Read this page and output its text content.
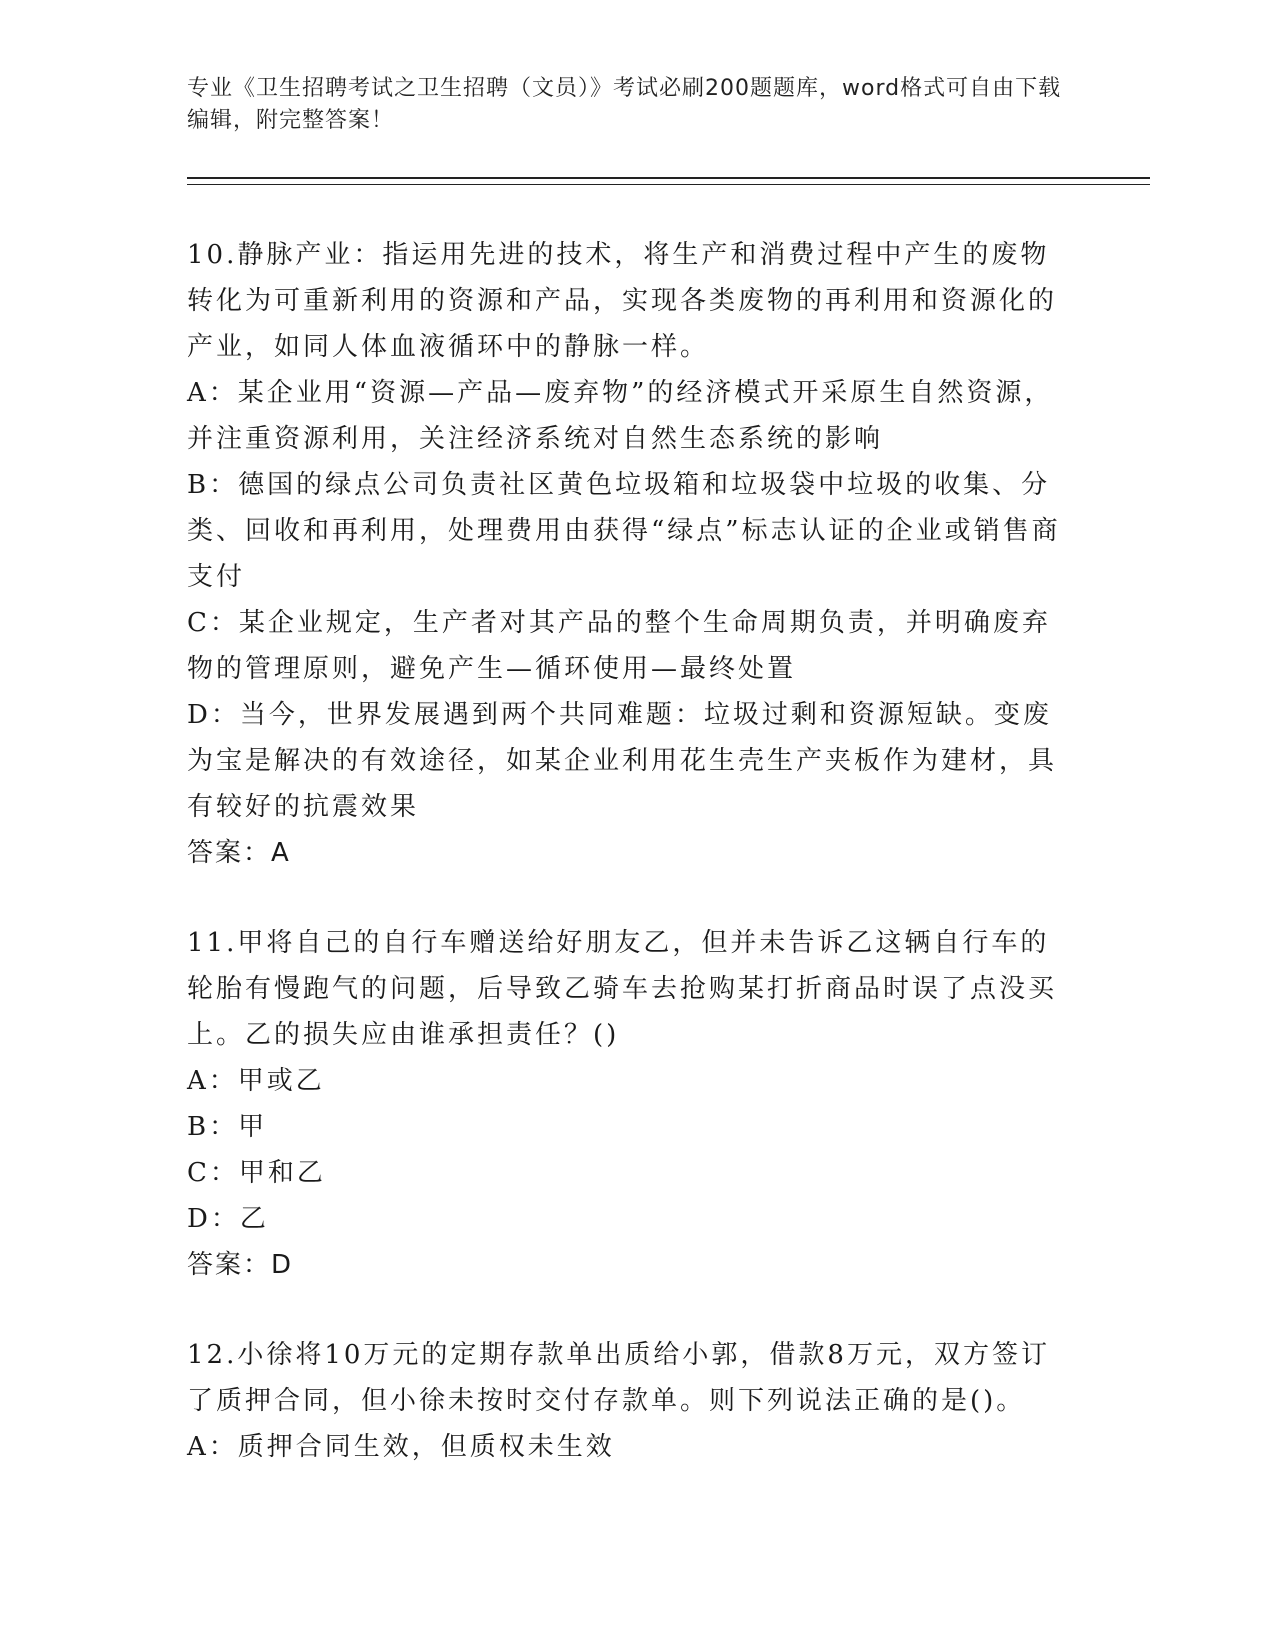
专业《卫生招聘考试之卫生招聘（文员）》考试必刷200题题库，word格式可自由下载编辑，附完整答案！

10.静脉产业：指运用先进的技术，将生产和消费过程中产生的废物转化为可重新利用的资源和产品，实现各类废物的再利用和资源化的产业，如同人体血液循环中的静脉一样。

A：某企业用“资源—产品—废弃物”的经济模式开采原生自然资源，并注重资源利用，关注经济系统对自然生态系统的影响

B：德国的绿点公司负责社区黄色垃圾箱和垃圾袋中垃圾的收集、分类、回收和再利用，处理费用由获得“绿点”标志认证的企业或销售商支付

C：某企业规定，生产者对其产品的整个生命周期负责，并明确废弃物的管理原则，避免产生—循环使用—最终处置

D：当今，世界发展遇到两个共同难题：垃圾过剩和资源短缺。变废为宝是解决的有效途径，如某企业利用花生壳生产夹板作为建材，具有较好的抗震效果

答案：A

11.甲将自己的自行车赠送给好朋友乙，但并未告诉乙这辆自行车的轮胎有慢跑气的问题，后导致乙骑车去抢购某打折商品时误了点没买上。乙的损失应由谁承担责任？()

A：甲或乙

B：甲

C：甲和乙

D：乙

答案：D

12.小徐将10万元的定期存款单出质给小郭，借款8万元，双方签订了质押合同，但小徐未按时交付存款单。则下列说法正确的是()。

A：质押合同生效，但质权未生效
